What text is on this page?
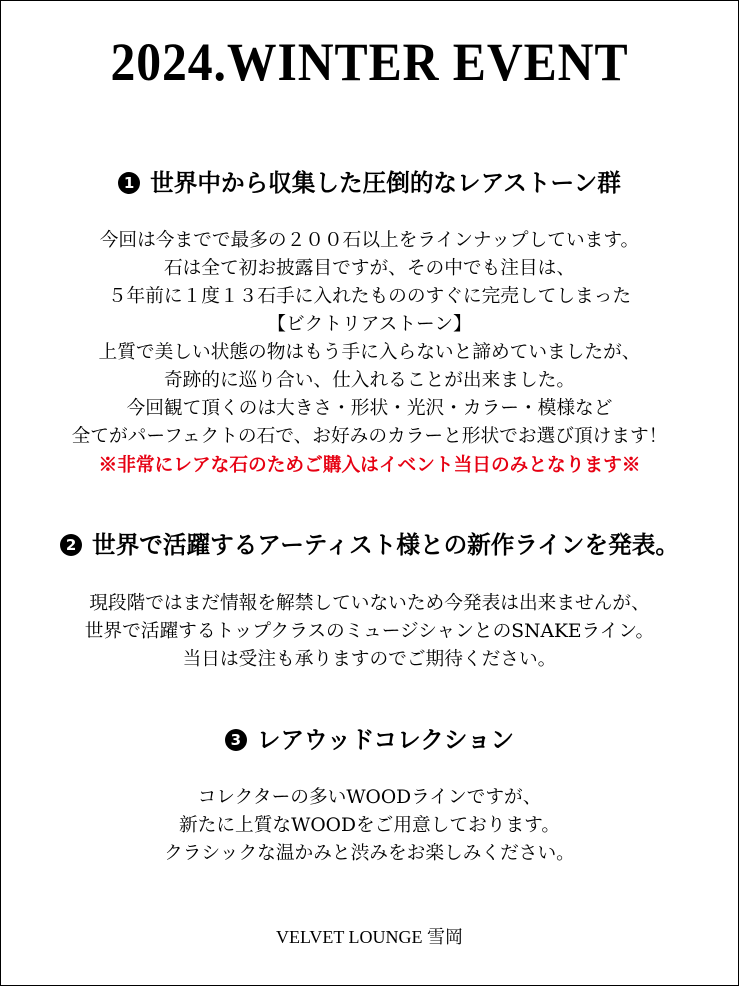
2024.WINTER EVENT
1 世界中から収集した圧倒的なレアストーン群
今回は今までで最多の２００石以上をラインナップしています。
石は全て初お披露目ですが、その中でも注目は、
５年前に１度１３石手に入れたもののすぐに完売してしまった
【ビクトリアストーン】
上質で美しい状態の物はもう手に入らないと諦めていましたが、
奇跡的に巡り合い、仕入れることが出来ました。
今回観て頂くのは大きさ・形状・光沢・カラー・模様など
全てがパーフェクトの石で、お好みのカラーと形状でお選び頂けます！
※非常にレアな石のためご購入はイベント当日のみとなります※
2 世界で活躍するアーティスト様との新作ラインを発表。
現段階ではまだ情報を解禁していないため今発表は出来ませんが、
世界で活躍するトップクラスのミュージシャンとのSNAKEライン。
当日は受注も承りますのでご期待ください。
3 レアウッドコレクション
コレクターの多いWOODラインですが、
新たに上質なWOODをご用意しております。
クラシックな温かみと渋みをお楽しみください。
VELVET LOUNGE 雪岡
